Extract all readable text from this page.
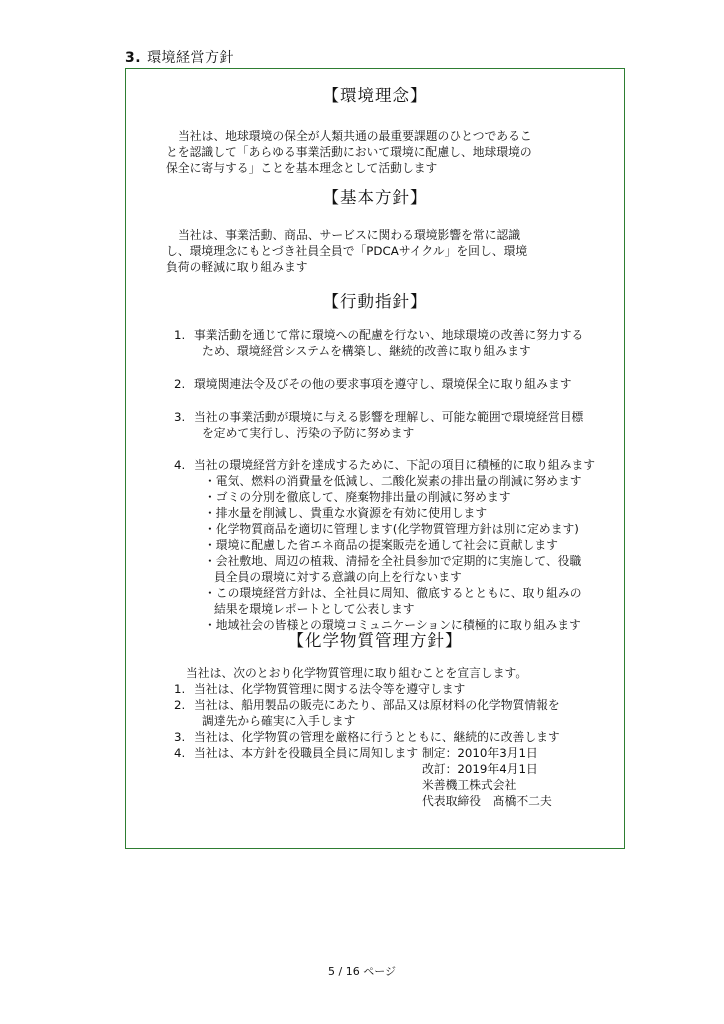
3. 環境経営方針
【環境理念】
当社は、地球環境の保全が人類共通の最重要課題のひとつであるこ
とを認識して「あらゆる事業活動において環境に配慮し、地球環境の
保全に寄与する」ことを基本理念として活動します
【基本方針】
当社は、事業活動、商品、サービスに関わる環境影響を常に認識
し、環境理念にもとづき社員全員で「PDCAサイクル」を回し、環境
負荷の軽減に取り組みます
【行動指針】
1. 事業活動を通じて常に環境への配慮を行ない、地球環境の改善に努力する
ため、環境経営システムを構築し、継続的改善に取り組みます
2. 環境関連法令及びその他の要求事項を遵守し、環境保全に取り組みます
3. 当社の事業活動が環境に与える影響を理解し、可能な範囲で環境経営目標
を定めて実行し、汚染の予防に努めます
4. 当社の環境経営方針を達成するために、下記の項目に積極的に取り組みます
・電気、燃料の消費量を低減し、二酸化炭素の排出量の削減に努めます
・ゴミの分別を徹底して、廃棄物排出量の削減に努めます
・排水量を削減し、貴重な水資源を有効に使用します
・化学物質商品を適切に管理します(化学物質管理方針は別に定めます)
・環境に配慮した省エネ商品の提案販売を通して社会に貢献します
・会社敷地、周辺の植栽、清掃を全社員参加で定期的に実施して、役職
員全員の環境に対する意識の向上を行ないます
・この環境経営方針は、全社員に周知、徹底するとともに、取り組みの
結果を環境レポートとして公表します
・地域社会の皆様との環境コミュニケーションに積極的に取り組みます
【化学物質管理方針】
当社は、次のとおり化学物質管理に取り組むことを宣言します。
1. 当社は、化学物質管理に関する法令等を遵守します
2. 当社は、船用製品の販売にあたり、部品又は原材料の化学物質情報を
調達先から確実に入手します
3. 当社は、化学物質の管理を厳格に行うとともに、継続的に改善します
4. 当社は、本方針を役職員全員に周知します 制定：2010年3月1日
改訂：2019年4月1日
米善機工株式会社
代表取締役　髙橋不二夫
5 / 16 ページ
